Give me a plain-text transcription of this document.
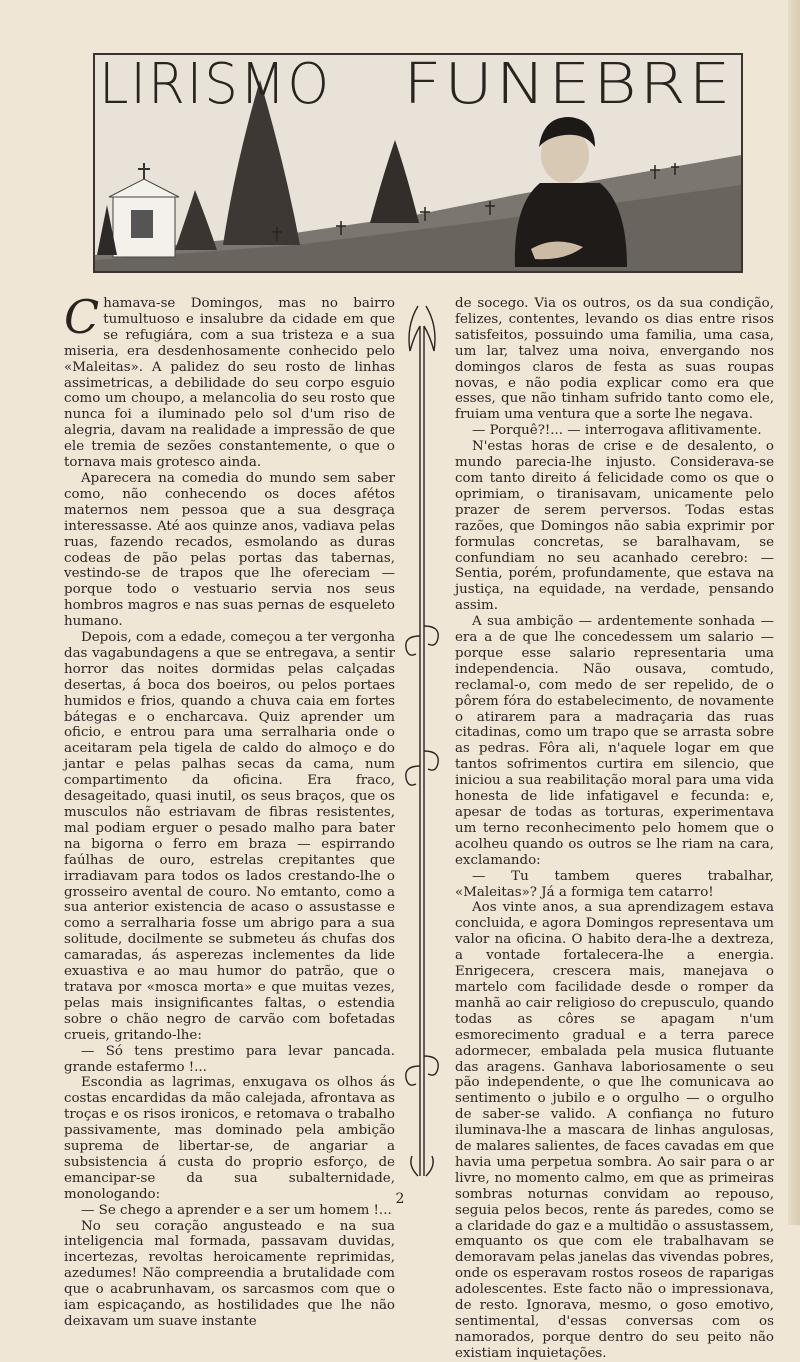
LIRISMO FUNEBRE

Chamava-se Domingos, mas no bairro tumultuoso e insalubre da cidade em que se refugiára, com a sua tristeza e a sua miseria, era desdenhosamente conhecido pelo «Maleitas». A palidez do seu rosto de linhas assimetricas, a debilidade do seu corpo esguio como um choupo, a melancolia do seu rosto que nunca foi a iluminado pelo sol d'um riso de alegria, davam na realidade a impressão de que ele tremia de sezões constantemente, o que o tornava mais grotesco ainda.

Aparecera na comedia do mundo sem saber como, não conhecendo os doces afétos maternos nem pessoa que a sua desgraça interessasse. Até aos quinze anos, vadiava pelas ruas, fazendo recados, esmolando as duras codeas de pão pelas portas das tabernas, vestindo-se de trapos que lhe ofereciam — porque todo o vestuario servia nos seus hombros magros e nas suas pernas de esqueleto humano.

Depois, com a edade, começou a ter vergonha das vagabundagens a que se entregava, a sentir horror das noites dormidas pelas calçadas desertas, á boca dos boeiros, ou pelos portaes humidos e frios, quando a chuva caia em fortes bátegas e o encharcava. Quiz aprender um oficio, e entrou para uma serralharia onde o aceitaram pela tigela de caldo do almoço e do jantar e pelas palhas secas da cama, num compartimento da oficina. Era fraco, desageitado, quasi inutil, os seus braços, que os musculos não estriavam de fibras resistentes, mal podiam erguer o pesado malho para bater na bigorna o ferro em braza — espirrando faúlhas de ouro, estrelas crepitantes que irradiavam para todos os lados crestando-lhe o grosseiro avental de couro. No emtanto, como a sua anterior existencia de acaso o assustasse e como a serralharia fosse um abrigo para a sua solitude, docilmente se submeteu ás chufas dos camaradas, ás asperezas inclementes da lide exuastiva e ao mau humor do patrão, que o tratava por «mosca morta» e que muitas vezes, pelas mais insignificantes faltas, o estendia sobre o chão negro de carvão com bofetadas crueis, gritando-lhe:

— Só tens prestimo para levar pancada. grande estafermo !...

Escondia as lagrimas, enxugava os olhos ás costas encardidas da mão calejada, afrontava as troças e os risos ironicos, e retomava o trabalho passivamente, mas dominado pela ambição suprema de libertar-se, de angariar a subsistencia á custa do proprio esforço, de emancipar-se da sua subalternidade, monologando:

— Se chego a aprender e a ser um homem !...

No seu coração angusteado e na sua inteligencia mal formada, passavam duvidas, incertezas, revoltas heroicamente reprimidas, azedumes! Não compreendia a brutalidade com que o acabrunhavam, os sarcasmos com que o iam espicaçando, as hostilidades que lhe não deixavam um suave instante

de socego. Via os outros, os da sua condição, felizes, contentes, levando os dias entre risos satisfeitos, possuindo uma familia, uma casa, um lar, talvez uma noiva, envergando nos domingos claros de festa as suas roupas novas, e não podia explicar como era que esses, que não tinham sufrido tanto como ele, fruiam uma ventura que a sorte lhe negava.

— Porquê?!... — interrogava aflitivamente.

N'estas horas de crise e de desalento, o mundo parecia-lhe injusto. Considerava-se com tanto direito á felicidade como os que o oprimiam, o tiranisavam, unicamente pelo prazer de serem perversos. Todas estas razões, que Domingos não sabia exprimir por formulas concretas, se baralhavam, se confundiam no seu acanhado cerebro: — Sentia, porém, profundamente, que estava na justiça, na equidade, na verdade, pensando assim.

A sua ambição — ardentemente sonhada — era a de que lhe concedessem um salario — porque esse salario representaria uma independencia. Não ousava, comtudo, reclamal-o, com medo de ser repelido, de o pôrem fóra do estabelecimento, de novamente o atirarem para a madraçaria das ruas citadinas, como um trapo que se arrasta sobre as pedras. Fôra ali, n'aquele logar em que tantos sofrimentos curtira em silencio, que iniciou a sua reabilitação moral para uma vida honesta de lide infatigavel e fecunda: e, apesar de todas as torturas, experimentava um terno reconhecimento pelo homem que o acolheu quando os outros se lhe riam na cara, exclamando:

— Tu tambem queres trabalhar, «Maleitas»? Já a formiga tem catarro!

Aos vinte anos, a sua aprendizagem estava concluida, e agora Domingos representava um valor na oficina. O habito dera-lhe a dextreza, a vontade fortalecera-lhe a energia. Enrigecera, crescera mais, manejava o martelo com facilidade desde o romper da manhã ao cair religioso do crepusculo, quando todas as côres se apagam n'um esmorecimento gradual e a terra parece adormecer, embalada pela musica flutuante das aragens. Ganhava laboriosamente o seu pão independente, o que lhe comunicava ao sentimento o jubilo e o orgulho — o orgulho de saber-se valido. A confiança no futuro iluminava-lhe a mascara de linhas angulosas, de malares salientes, de faces cavadas em que havia uma perpetua sombra. Ao sair para o ar livre, no momento calmo, em que as primeiras sombras noturnas convidam ao repouso, seguia pelos becos, rente ás paredes, como se a claridade do gaz e a multidão o assustassem, emquanto os que com ele trabalhavam se demoravam pelas janelas das vivendas pobres, onde os esperavam rostos roseos de raparigas adolescentes. Este facto não o impressionava, de resto. Ignorava, mesmo, o goso emotivo, sentimental, d'essas conversas com os namorados, porque dentro do seu peito não existiam inquietações.

2
